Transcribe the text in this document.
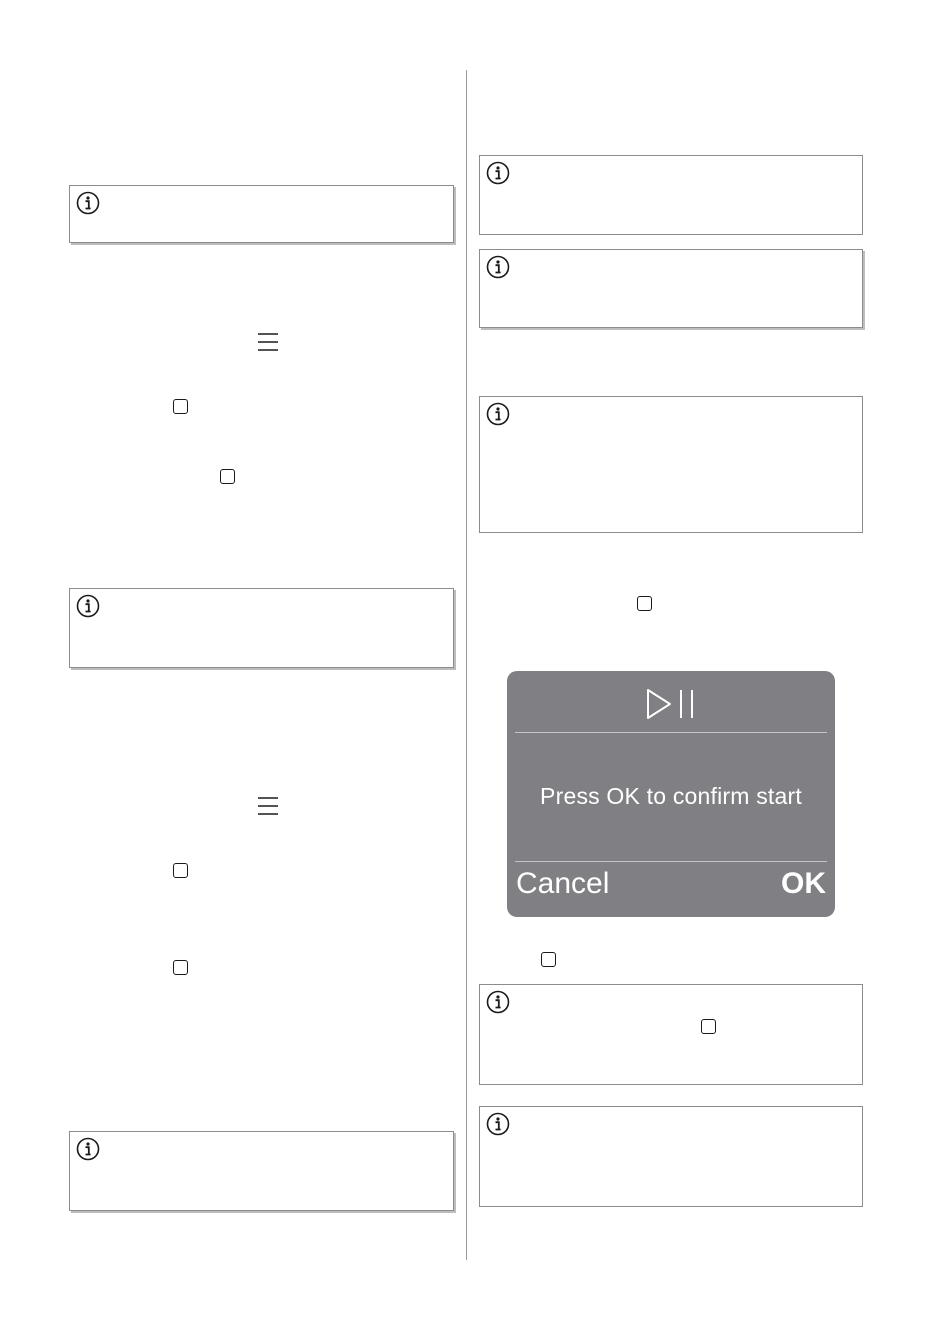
Press OK to confirm start
Cancel	OK
